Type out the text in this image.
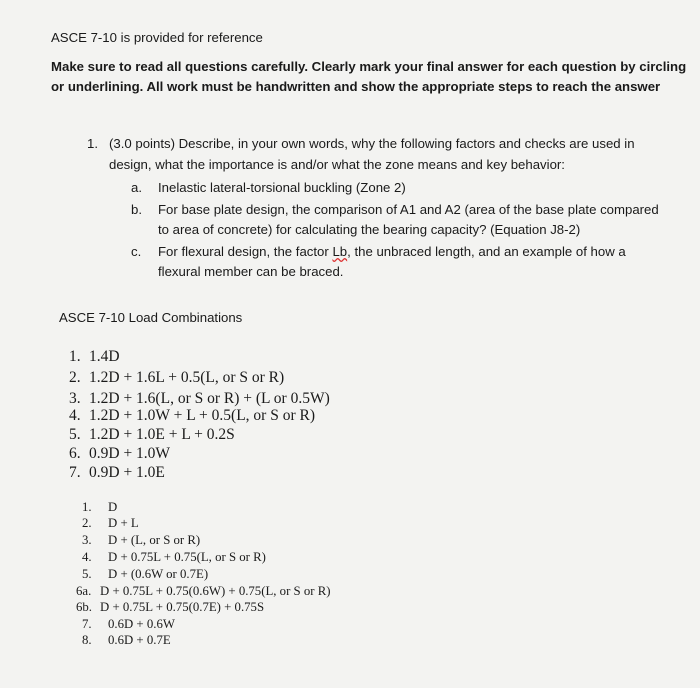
ASCE 7-10 is provided for reference
Make sure to read all questions carefully. Clearly mark your final answer for each question by circling
or underlining. All work must be handwritten and show the appropriate steps to reach the answer
1. (3.0 points) Describe, in your own words, why the following factors and checks are used in
design, what the importance is and/or what the zone means and key behavior:
a. Inelastic lateral-torsional buckling (Zone 2)
b. For base plate design, the comparison of A1 and A2 (area of the base plate compared
to area of concrete) for calculating the bearing capacity? (Equation J8-2)
c. For flexural design, the factor Lb, the unbraced length, and an example of how a
flexural member can be braced.
ASCE 7-10 Load Combinations
1. 1.4D
2. 1.2D + 1.6L + 0.5(L, or S or R)
3. 1.2D + 1.6(L, or S or R) + (L or 0.5W)
4. 1.2D + 1.0W + L + 0.5(L, or S or R)
5. 1.2D + 1.0E + L + 0.2S
6. 0.9D + 1.0W
7. 0.9D + 1.0E
1. D
2. D + L
3. D + (L, or S or R)
4. D + 0.75L + 0.75(L, or S or R)
5. D + (0.6W or 0.7E)
6a. D + 0.75L + 0.75(0.6W) + 0.75(L, or S or R)
6b. D + 0.75L + 0.75(0.7E) + 0.75S
7. 0.6D + 0.6W
8. 0.6D + 0.7E
